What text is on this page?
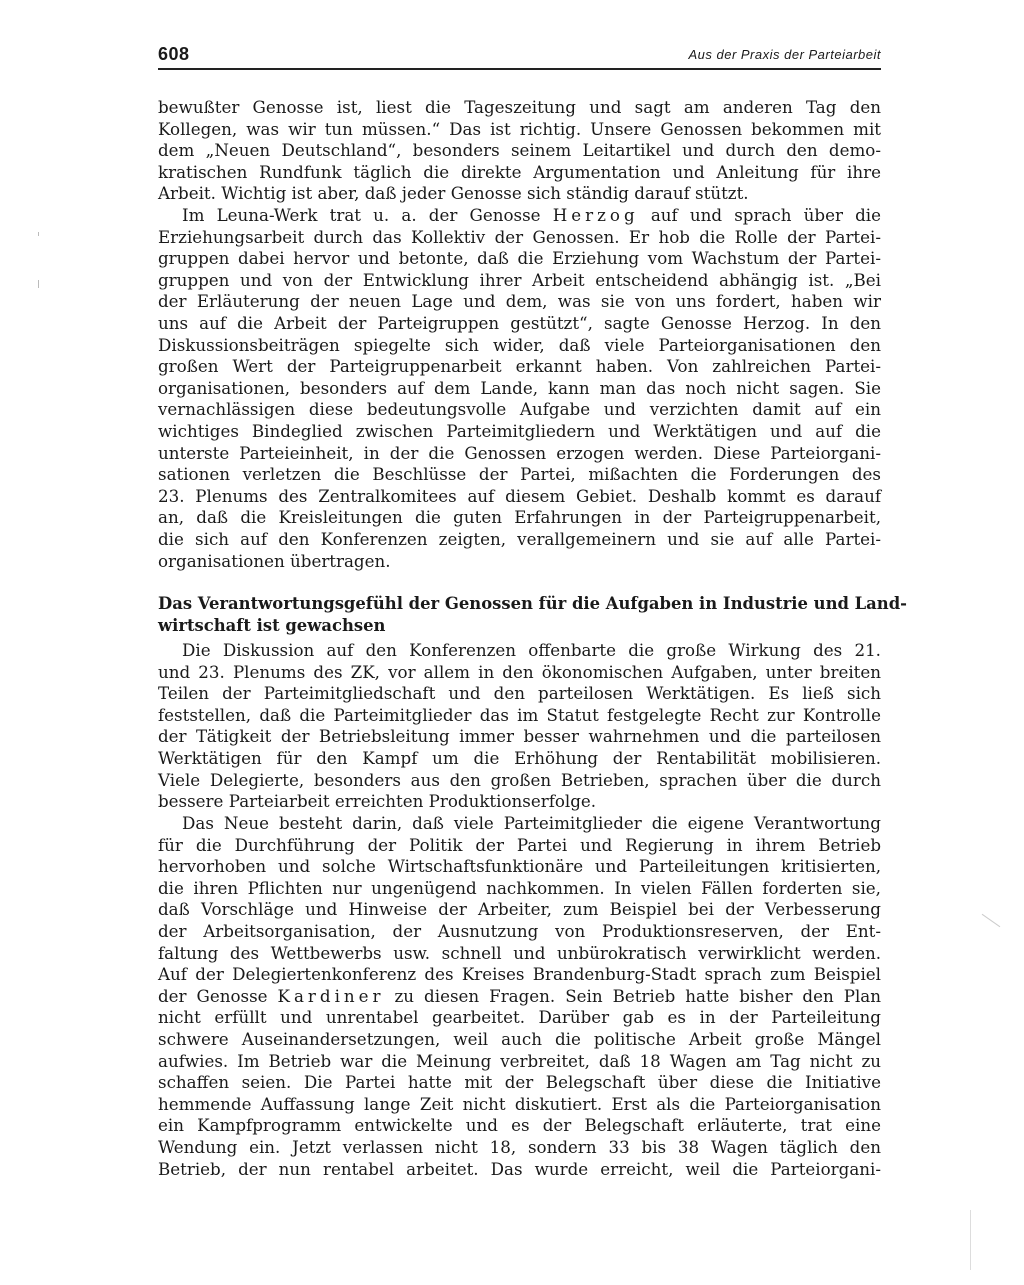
608	Aus der Praxis der Parteiarbeit
bewußter Genosse ist, liest die Tageszeitung und sagt am anderen Tag den
Kollegen, was wir tun müssen.“ Das ist richtig. Unsere Genossen bekommen mit
dem „Neuen Deutschland“, besonders seinem Leitartikel und durch den demo-
kratischen Rundfunk täglich die direkte Argumentation und Anleitung für ihre
Arbeit. Wichtig ist aber, daß jeder Genosse sich ständig darauf stützt.
Im Leuna-Werk trat u. a. der Genosse Herzog auf und sprach über die
Erziehungsarbeit durch das Kollektiv der Genossen. Er hob die Rolle der Partei-
gruppen dabei hervor und betonte, daß die Erziehung vom Wachstum der Partei-
gruppen und von der Entwicklung ihrer Arbeit entscheidend abhängig ist. „Bei
der Erläuterung der neuen Lage und dem, was sie von uns fordert, haben wir
uns auf die Arbeit der Parteigruppen gestützt“, sagte Genosse Herzog. In den
Diskussionsbeiträgen spiegelte sich wider, daß viele Parteiorganisationen den
großen Wert der Parteigruppenarbeit erkannt haben. Von zahlreichen Partei-
organisationen, besonders auf dem Lande, kann man das noch nicht sagen. Sie
vernachlässigen diese bedeutungsvolle Aufgabe und verzichten damit auf ein
wichtiges Bindeglied zwischen Parteimitgliedern und Werktätigen und auf die
unterste Parteieinheit, in der die Genossen erzogen werden. Diese Parteiorgani-
sationen verletzen die Beschlüsse der Partei, mißachten die Forderungen des
23. Plenums des Zentralkomitees auf diesem Gebiet. Deshalb kommt es darauf
an, daß die Kreisleitungen die guten Erfahrungen in der Parteigruppenarbeit,
die sich auf den Konferenzen zeigten, verallgemeinern und sie auf alle Partei-
organisationen übertragen.
Das Verantwortungsgefühl der Genossen für die Aufgaben in Industrie und Land-
wirtschaft ist gewachsen
Die Diskussion auf den Konferenzen offenbarte die große Wirkung des 21.
und 23. Plenums des ZK, vor allem in den ökonomischen Aufgaben, unter breiten
Teilen der Parteimitgliedschaft und den parteilosen Werktätigen. Es ließ sich
feststellen, daß die Parteimitglieder das im Statut festgelegte Recht zur Kontrolle
der Tätigkeit der Betriebsleitung immer besser wahrnehmen und die parteilosen
Werktätigen für den Kampf um die Erhöhung der Rentabilität mobilisieren.
Viele Delegierte, besonders aus den großen Betrieben, sprachen über die durch
bessere Parteiarbeit erreichten Produktionserfolge.
Das Neue besteht darin, daß viele Parteimitglieder die eigene Verantwortung
für die Durchführung der Politik der Partei und Regierung in ihrem Betrieb
hervorhoben und solche Wirtschaftsfunktionäre und Parteileitungen kritisierten,
die ihren Pflichten nur ungenügend nachkommen. In vielen Fällen forderten sie,
daß Vorschläge und Hinweise der Arbeiter, zum Beispiel bei der Verbesserung
der Arbeitsorganisation, der Ausnutzung von Produktionsreserven, der Ent-
faltung des Wettbewerbs usw. schnell und unbürokratisch verwirklicht werden.
Auf der Delegiertenkonferenz des Kreises Brandenburg-Stadt sprach zum Beispiel
der Genosse Kardiner zu diesen Fragen. Sein Betrieb hatte bisher den Plan
nicht erfüllt und unrentabel gearbeitet. Darüber gab es in der Parteileitung
schwere Auseinandersetzungen, weil auch die politische Arbeit große Mängel
aufwies. Im Betrieb war die Meinung verbreitet, daß 18 Wagen am Tag nicht zu
schaffen seien. Die Partei hatte mit der Belegschaft über diese die Initiative
hemmende Auffassung lange Zeit nicht diskutiert. Erst als die Parteiorganisation
ein Kampfprogramm entwickelte und es der Belegschaft erläuterte, trat eine
Wendung ein. Jetzt verlassen nicht 18, sondern 33 bis 38 Wagen täglich den
Betrieb, der nun rentabel arbeitet. Das wurde erreicht, weil die Parteiorgani-
